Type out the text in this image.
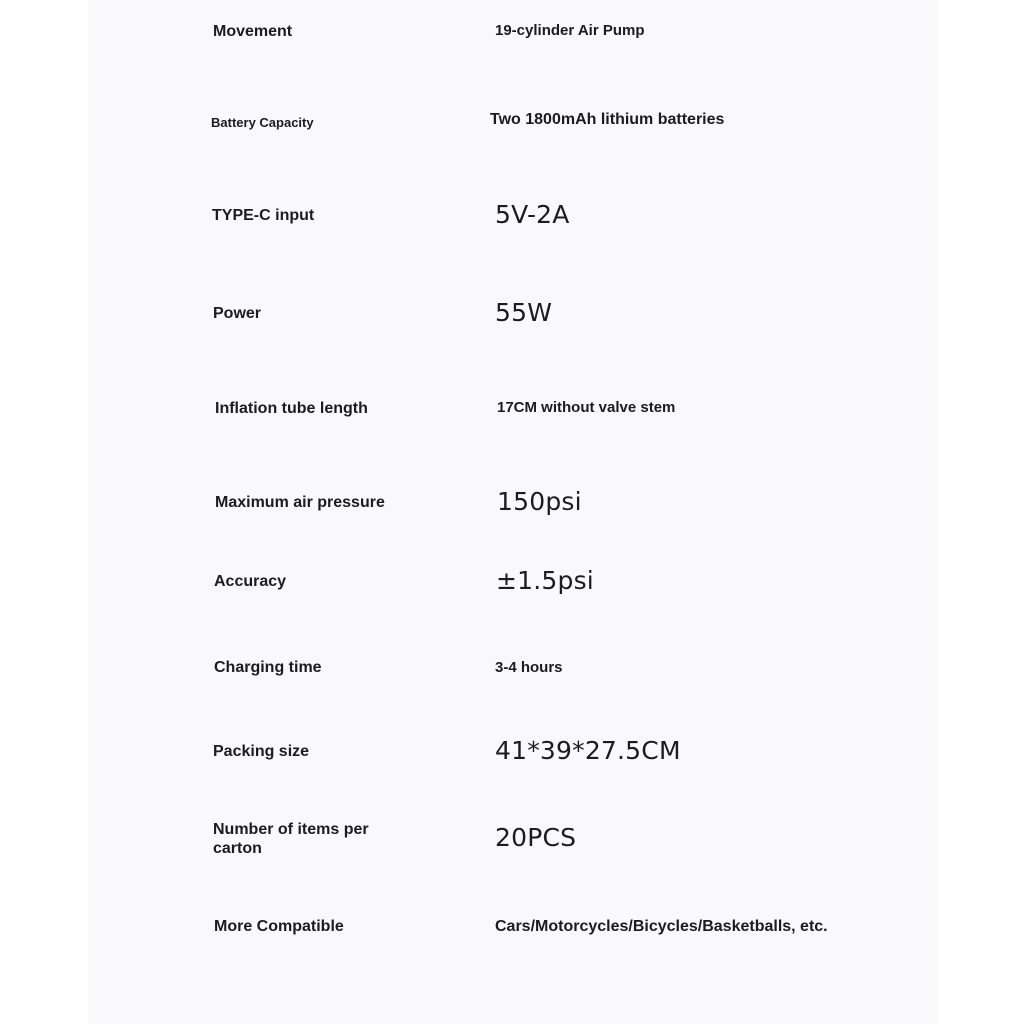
Movement	19-cylinder Air Pump
Battery Capacity	Two 1800mAh lithium batteries
TYPE-C input	5V-2A
Power	55W
Inflation tube length	17CM without valve stem
Maximum air pressure	150psi
Accuracy	±1.5psi
Charging time	3-4 hours
Packing size	41*39*27.5CM
Number of items per carton	20PCS
More Compatible	Cars/Motorcycles/Bicycles/Basketballs, etc.
